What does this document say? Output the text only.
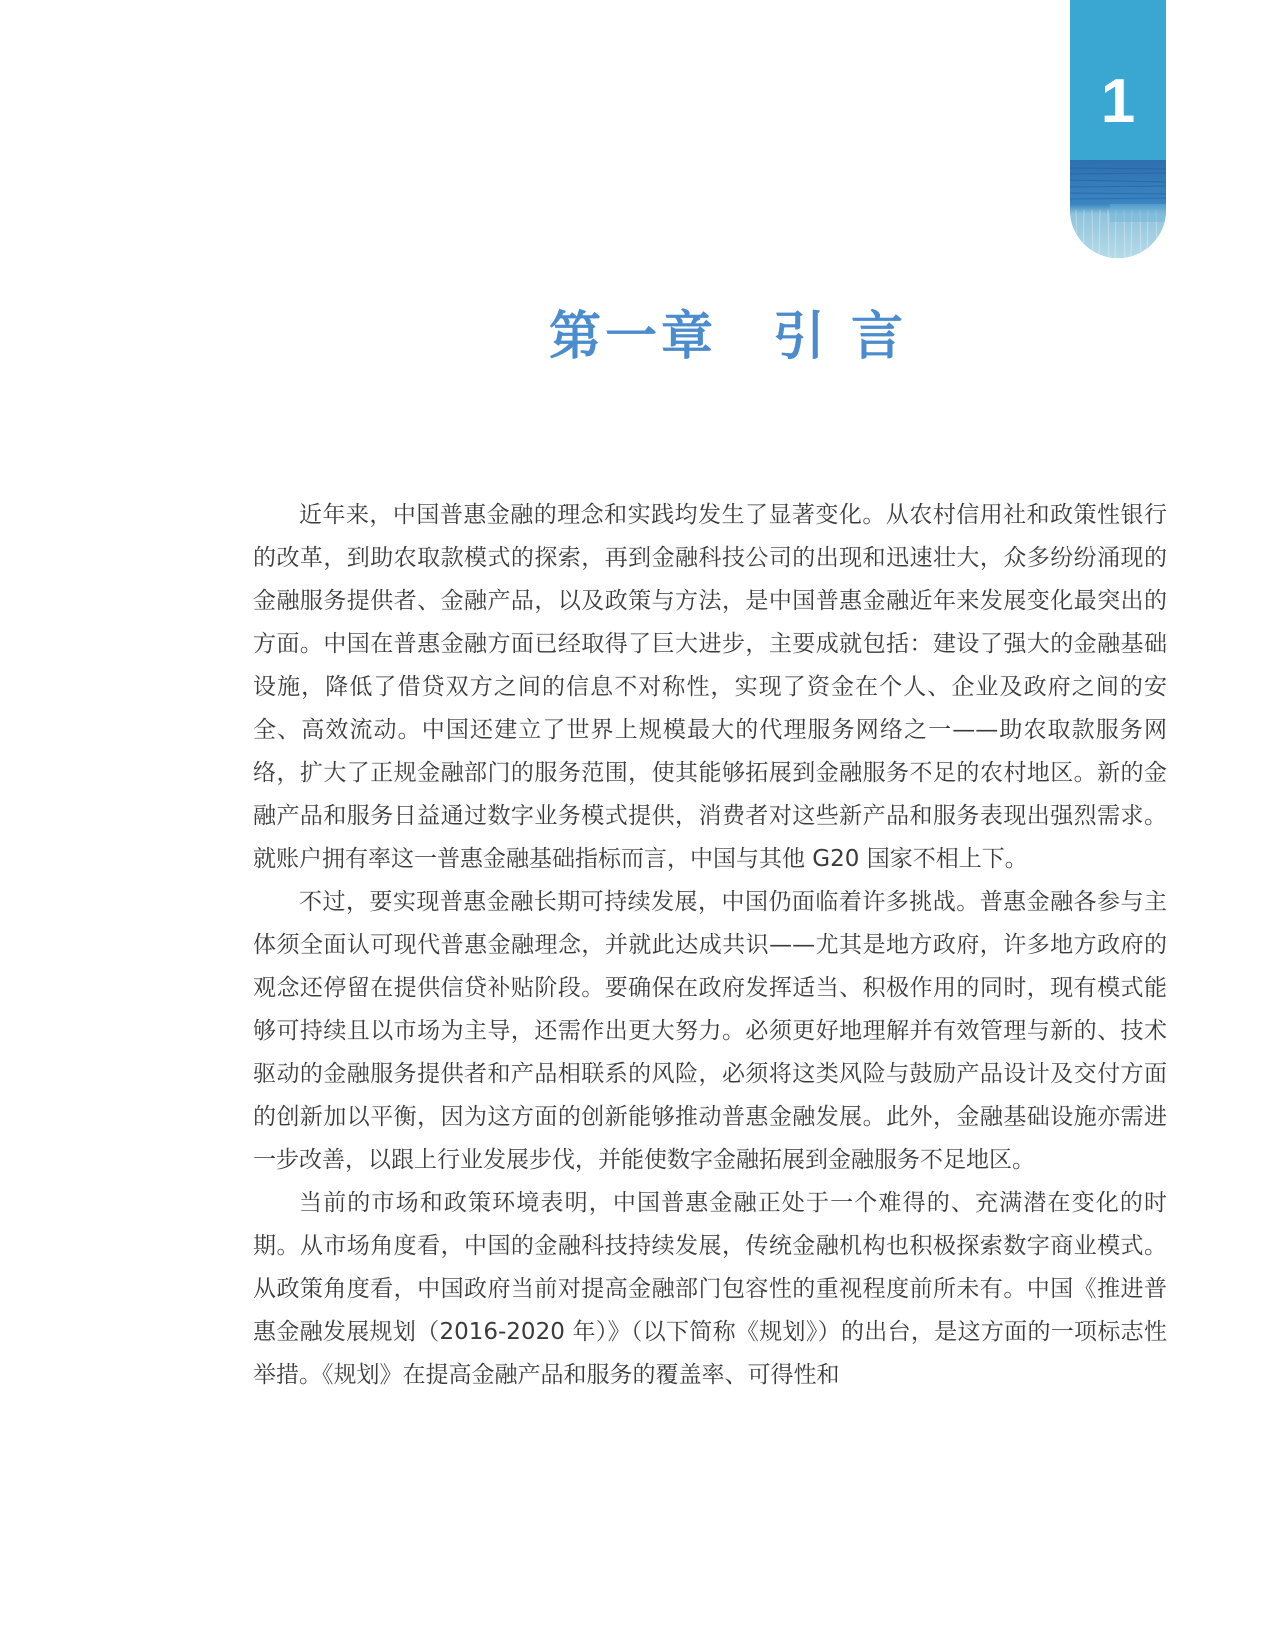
1
第一章　引 言

近年来，中国普惠金融的理念和实践均发生了显著变化。从农村信用社和政策性银行的改革，到助农取款模式的探索，再到金融科技公司的出现和迅速壮大，众多纷纷涌现的金融服务提供者、金融产品，以及政策与方法，是中国普惠金融近年来发展变化最突出的方面。中国在普惠金融方面已经取得了巨大进步，主要成就包括：建设了强大的金融基础设施，降低了借贷双方之间的信息不对称性，实现了资金在个人、企业及政府之间的安全、高效流动。中国还建立了世界上规模最大的代理服务网络之一——助农取款服务网络，扩大了正规金融部门的服务范围，使其能够拓展到金融服务不足的农村地区。新的金融产品和服务日益通过数字业务模式提供，消费者对这些新产品和服务表现出强烈需求。就账户拥有率这一普惠金融基础指标而言，中国与其他 G20 国家不相上下。

不过，要实现普惠金融长期可持续发展，中国仍面临着许多挑战。普惠金融各参与主体须全面认可现代普惠金融理念，并就此达成共识——尤其是地方政府，许多地方政府的观念还停留在提供信贷补贴阶段。要确保在政府发挥适当、积极作用的同时，现有模式能够可持续且以市场为主导，还需作出更大努力。必须更好地理解并有效管理与新的、技术驱动的金融服务提供者和产品相联系的风险，必须将这类风险与鼓励产品设计及交付方面的创新加以平衡，因为这方面的创新能够推动普惠金融发展。此外，金融基础设施亦需进一步改善，以跟上行业发展步伐，并能使数字金融拓展到金融服务不足地区。

当前的市场和政策环境表明，中国普惠金融正处于一个难得的、充满潜在变化的时期。从市场角度看，中国的金融科技持续发展，传统金融机构也积极探索数字商业模式。从政策角度看，中国政府当前对提高金融部门包容性的重视程度前所未有。中国《推进普惠金融发展规划（2016-2020 年）》（以下简称《规划》）的出台，是这方面的一项标志性举措。《规划》在提高金融产品和服务的覆盖率、可得性和
